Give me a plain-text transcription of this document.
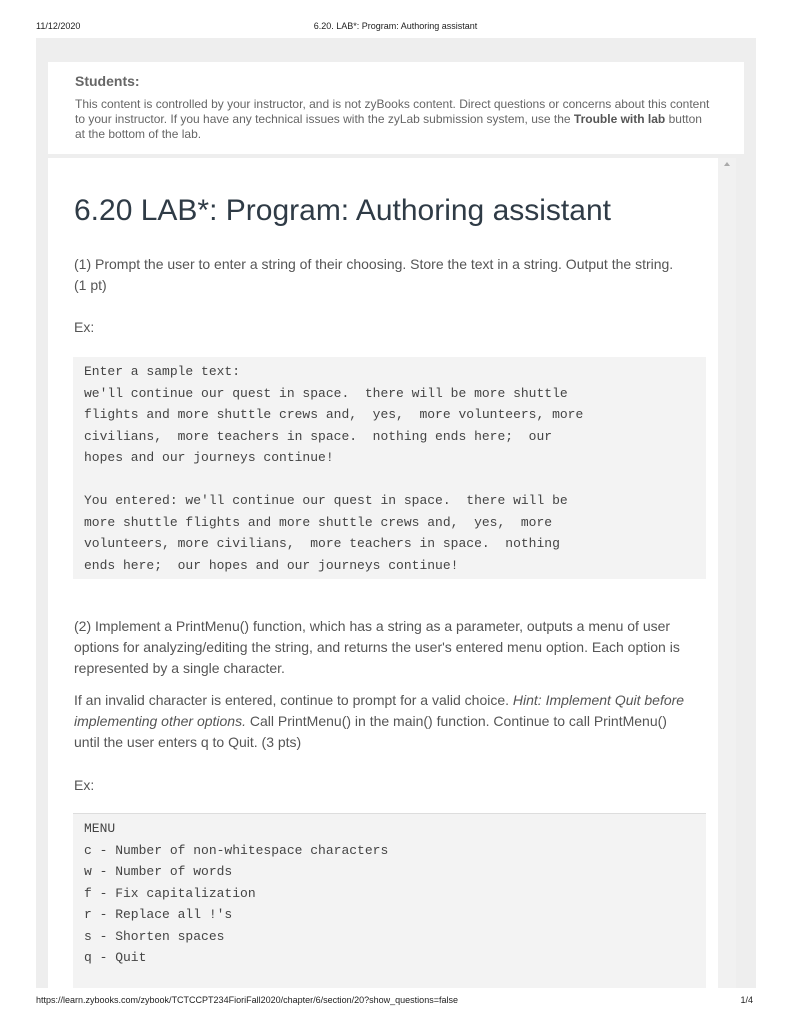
11/12/2020	6.20. LAB*: Program: Authoring assistant
Students:

This content is controlled by your instructor, and is not zyBooks content. Direct questions or concerns about this content to your instructor. If you have any technical issues with the zyLab submission system, use the Trouble with lab button at the bottom of the lab.

6.20 LAB*: Program: Authoring assistant

(1) Prompt the user to enter a string of their choosing. Store the text in a string. Output the string. (1 pt)

Ex:

Enter a sample text:
we'll continue our quest in space.  there will be more shuttle
flights and more shuttle crews and,  yes,  more volunteers, more
civilians,  more teachers in space.  nothing ends here;  our
hopes and our journeys continue!
You entered: we'll continue our quest in space.  there will be
more shuttle flights and more shuttle crews and,  yes,  more
volunteers, more civilians,  more teachers in space.  nothing
ends here;  our hopes and our journeys continue!

(2) Implement a PrintMenu() function, which has a string as a parameter, outputs a menu of user options for analyzing/editing the string, and returns the user's entered menu option. Each option is represented by a single character.

If an invalid character is entered, continue to prompt for a valid choice. Hint: Implement Quit before implementing other options. Call PrintMenu() in the main() function. Continue to call PrintMenu() until the user enters q to Quit. (3 pts)

Ex:

MENU
c - Number of non-whitespace characters
w - Number of words
f - Fix capitalization
r - Replace all !'s
s - Shorten spaces
q - Quit
https://learn.zybooks.com/zybook/TCTCCPT234FioriFall2020/chapter/6/section/20?show_questions=false	1/4
